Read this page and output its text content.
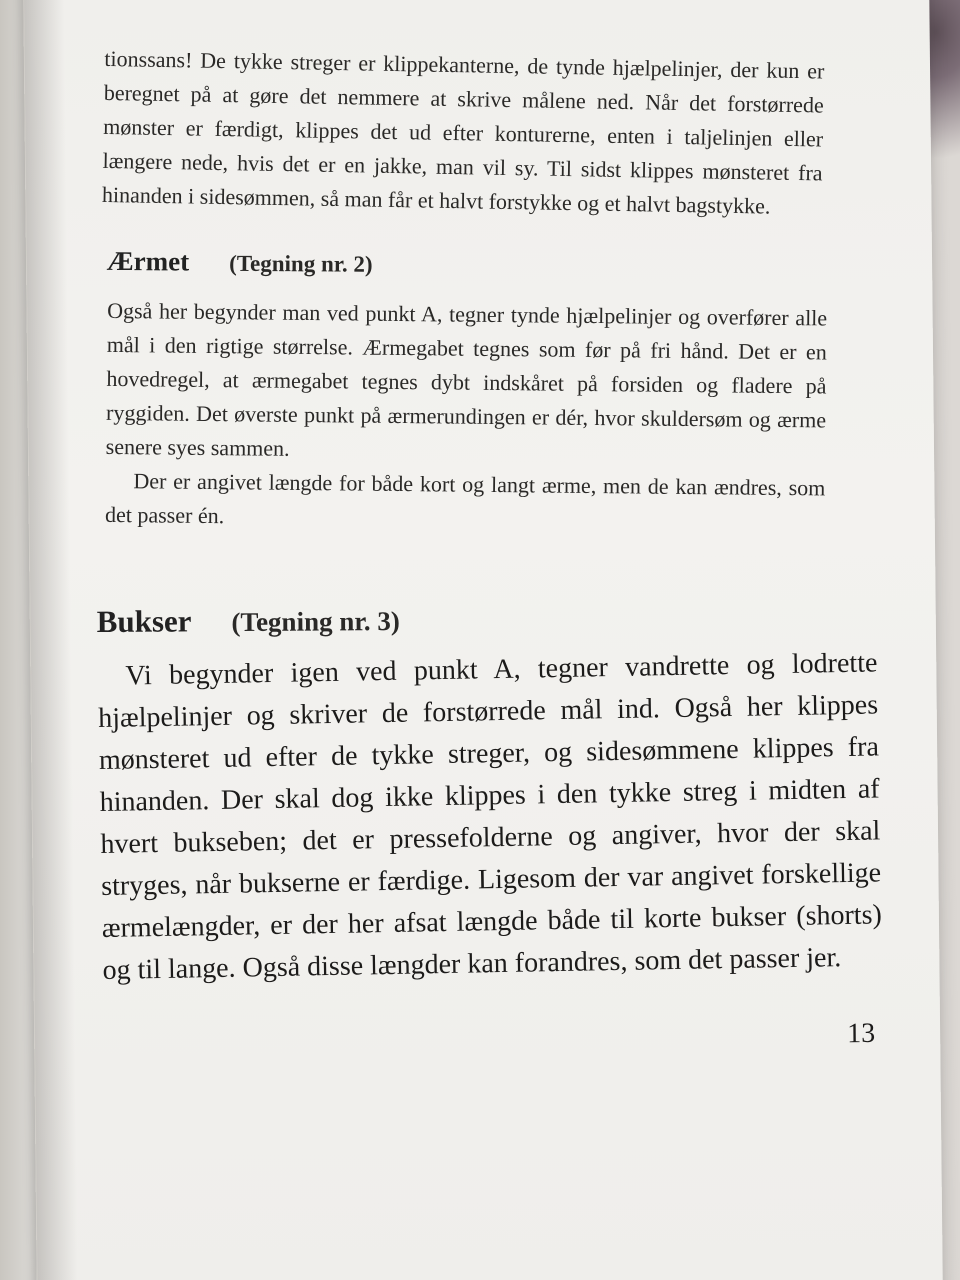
tionssans! De tykke streger er klippekanterne, de tynde hjælpelinjer, der kun er beregnet på at gøre det nemmere at skrive målene ned. Når det forstørrede mønster er færdigt, klippes det ud efter konturerne, enten i taljelinjen eller længere nede, hvis det er en jakke, man vil sy. Til sidst klippes mønsteret fra hinanden i sidesømmen, så man får et halvt forstykke og et halvt bagstykke.

Ærmet (Tegning nr. 2)

Også her begynder man ved punkt A, tegner tynde hjælpelinjer og overfører alle mål i den rigtige størrelse. Ærmegabet tegnes som før på fri hånd. Det er en hovedregel, at ærmegabet tegnes dybt indskåret på forsiden og fladere på ryggiden. Det øverste punkt på ærmerundingen er dér, hvor skuldersøm og ærme senere syes sammen.

Der er angivet længde for både kort og langt ærme, men de kan ændres, som det passer én.

Bukser (Tegning nr. 3)

Vi begynder igen ved punkt A, tegner vandrette og lodrette hjælpelinjer og skriver de forstørrede mål ind. Også her klippes mønsteret ud efter de tykke streger, og sidesømmene klippes fra hinanden. Der skal dog ikke klippes i den tykke streg i midten af hvert bukseben; det er pressefolderne og angiver, hvor der skal stryges, når bukserne er færdige. Ligesom der var angivet forskellige ærmelængder, er der her afsat længde både til korte bukser (shorts) og til lange. Også disse længder kan forandres, som det passer jer.

13
